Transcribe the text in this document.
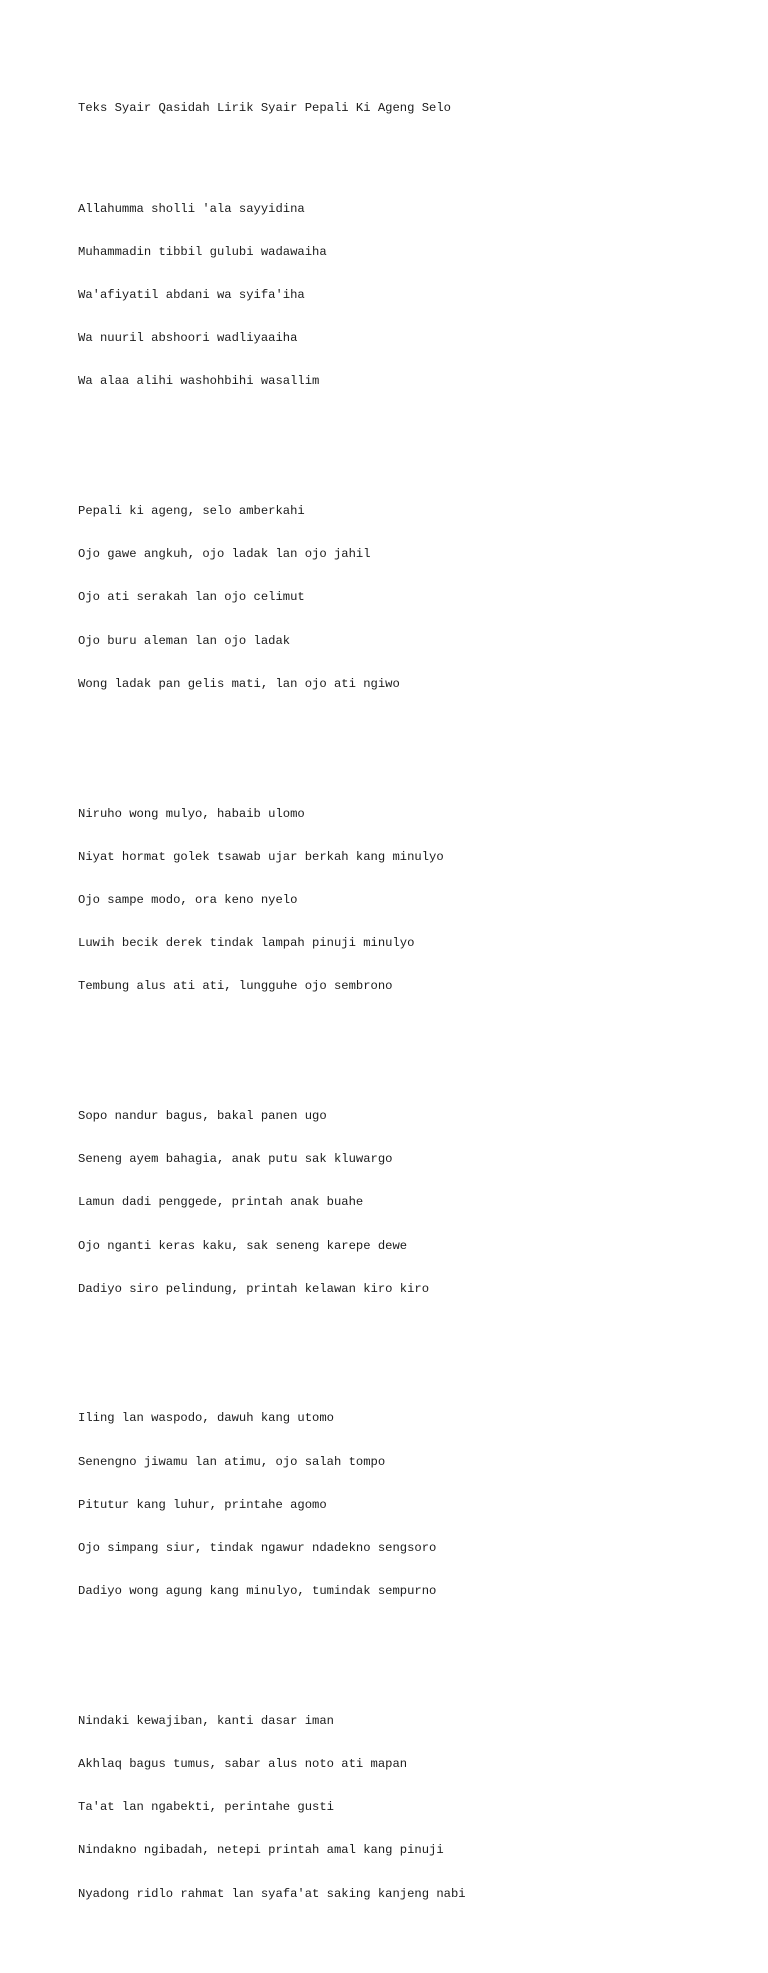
Teks Syair Qasidah Lirik Syair Pepali Ki Ageng Selo

Allahumma sholli 'ala sayyidina

Muhammadin tibbil gulubi wadawaiha

Wa'afiyatil abdani wa syifa'iha

Wa nuuril abshoori wadliyaaiha

Wa alaa alihi washohbihi wasallim

Pepali ki ageng, selo amberkahi

Ojo gawe angkuh, ojo ladak lan ojo jahil

Ojo ati serakah lan ojo celimut

Ojo buru aleman lan ojo ladak

Wong ladak pan gelis mati, lan ojo ati ngiwo

Niruho wong mulyo, habaib ulomo

Niyat hormat golek tsawab ujar berkah kang minulyo

Ojo sampe modo, ora keno nyelo

Luwih becik derek tindak lampah pinuji minulyo

Tembung alus ati ati, lungguhe ojo sembrono

Sopo nandur bagus, bakal panen ugo

Seneng ayem bahagia, anak putu sak kluwargo

Lamun dadi penggede, printah anak buahe

Ojo nganti keras kaku, sak seneng karepe dewe

Dadiyo siro pelindung, printah kelawan kiro kiro

Iling lan waspodo, dawuh kang utomo

Senengno jiwamu lan atimu, ojo salah tompo

Pitutur kang luhur, printahe agomo

Ojo simpang siur, tindak ngawur ndadekno sengsoro

Dadiyo wong agung kang minulyo, tumindak sempurno

Nindaki kewajiban, kanti dasar iman

Akhlaq bagus tumus, sabar alus noto ati mapan

Ta'at lan ngabekti, perintahe gusti

Nindakno ngibadah, netepi printah amal kang pinuji

Nyadong ridlo rahmat lan syafa'at saking kanjeng nabi
